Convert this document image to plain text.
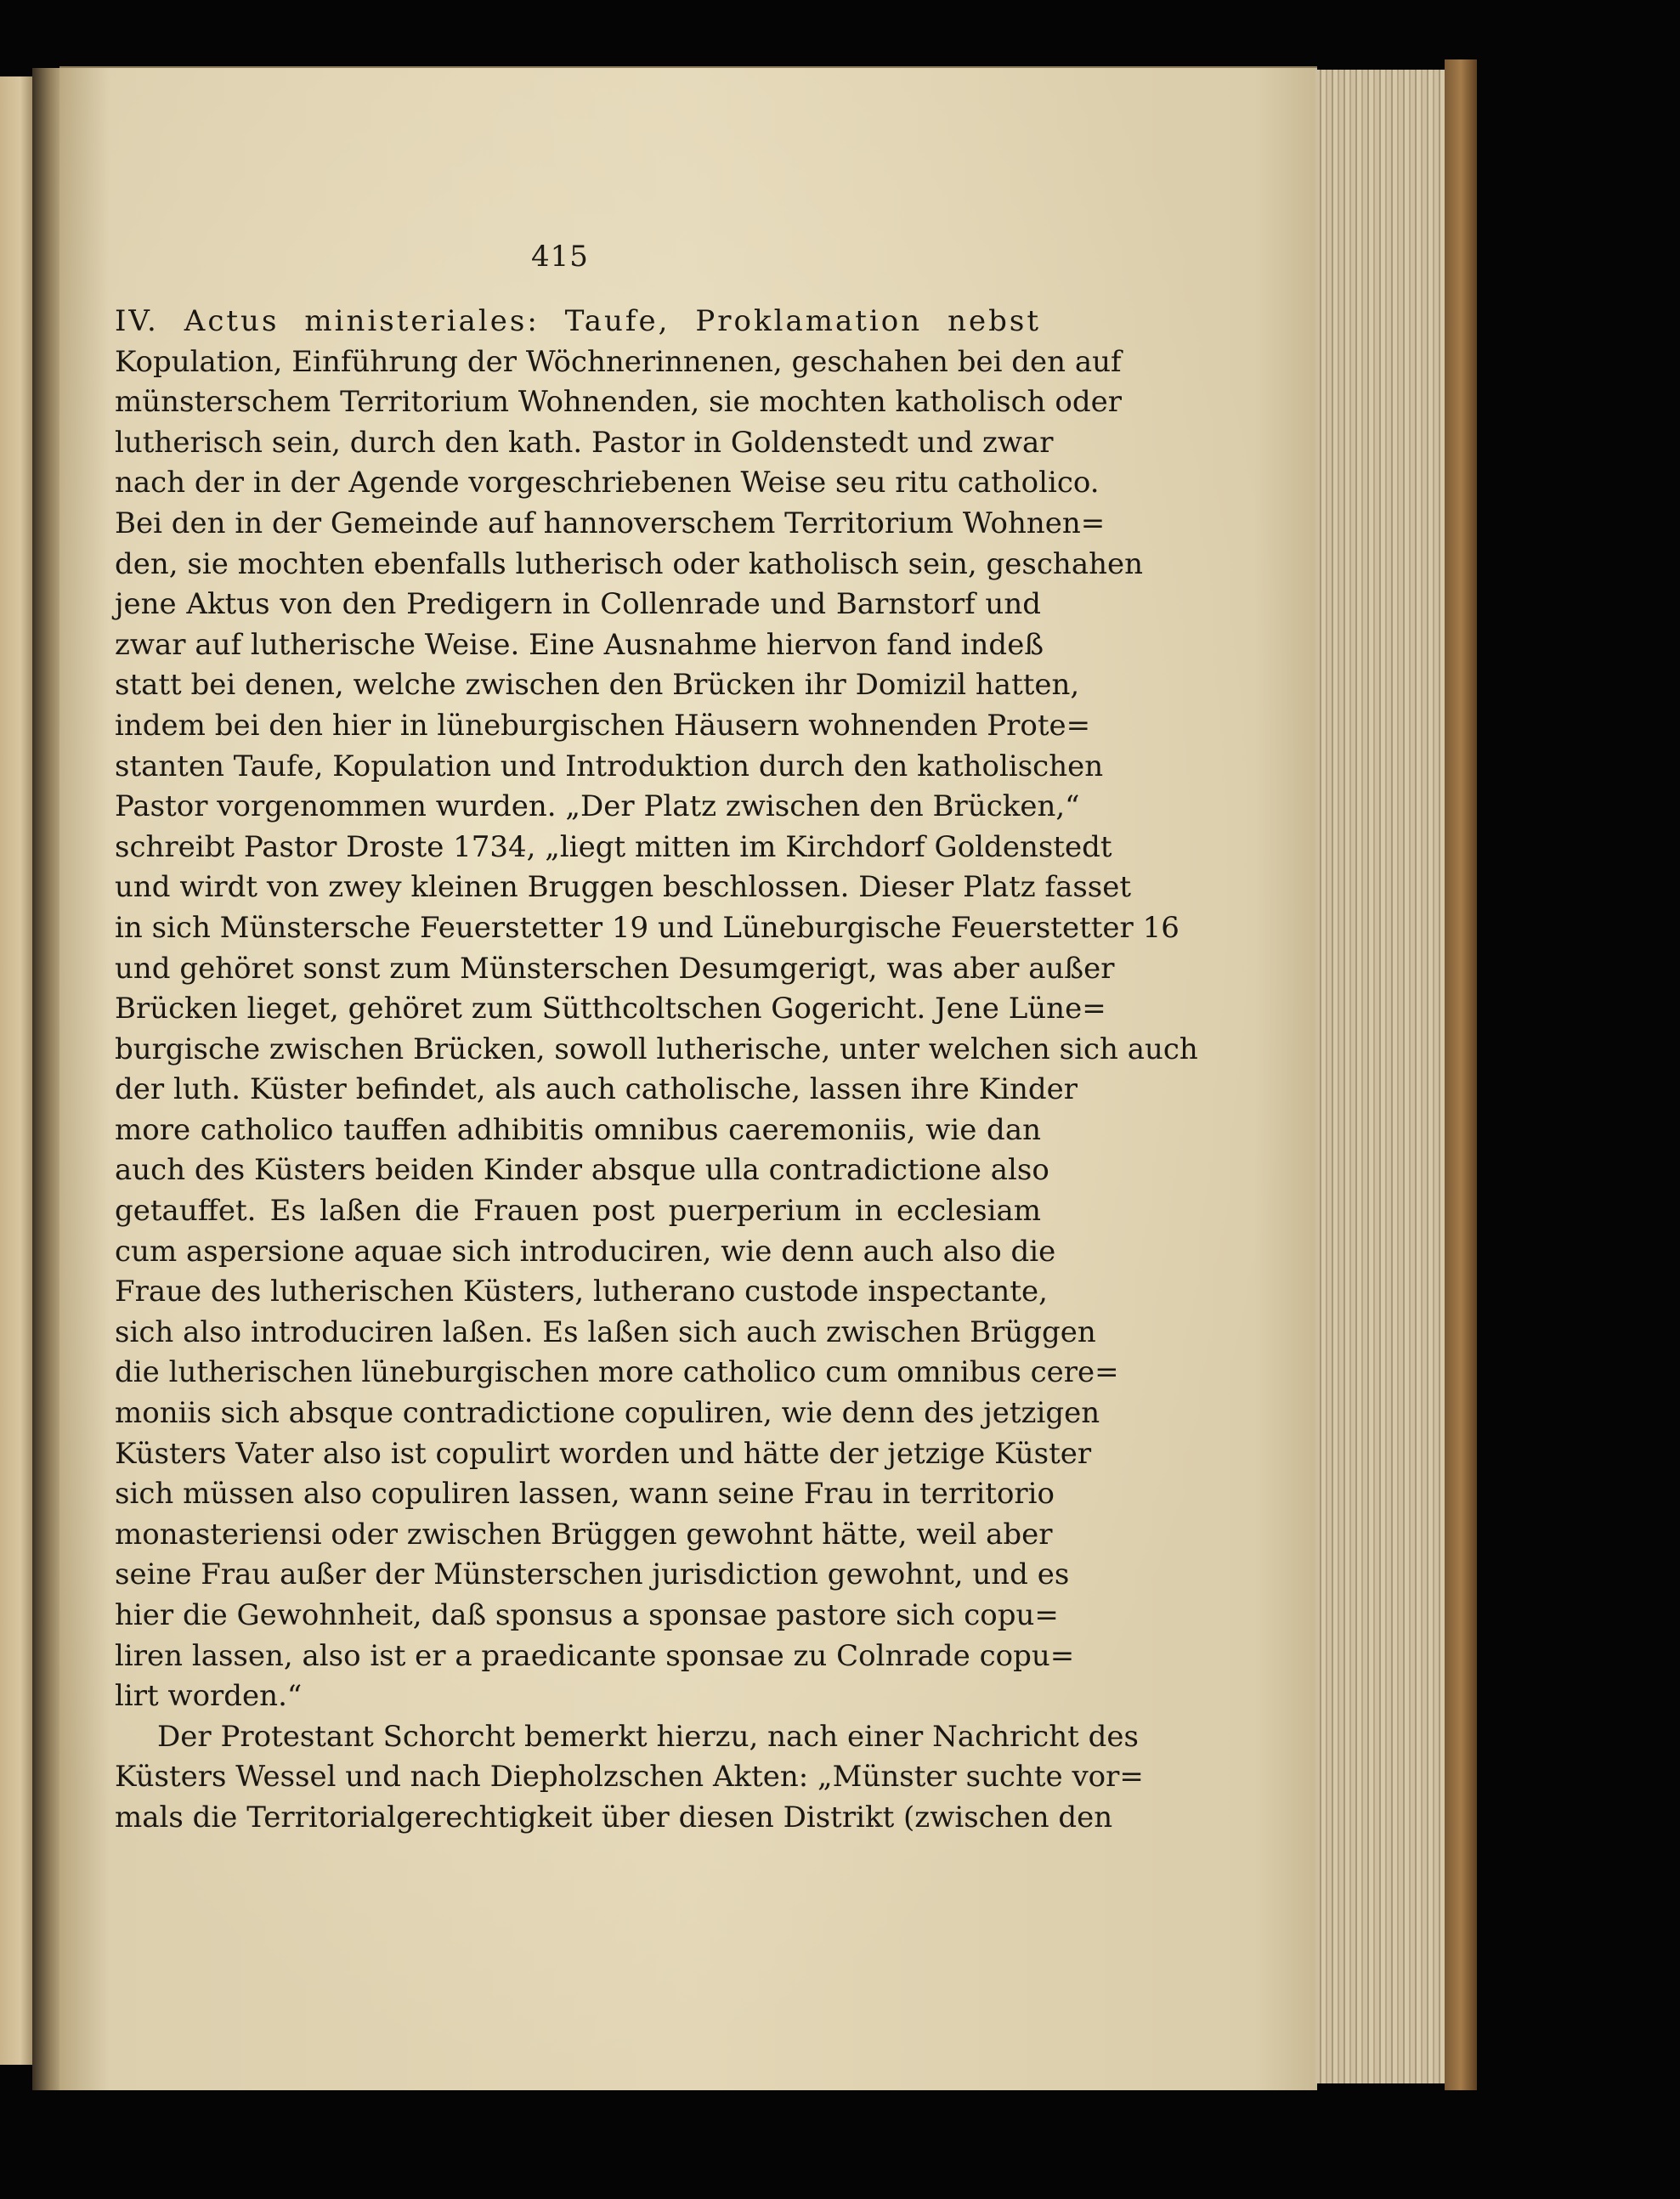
415
IV. Actus ministeriales: Taufe, Proklamation nebst
Kopulation, Einführung der Wöchnerinnenen, geschahen bei den auf
münsterschem Territorium Wohnenden, sie mochten katholisch oder
lutherisch sein, durch den kath. Pastor in Goldenstedt und zwar
nach der in der Agende vorgeschriebenen Weise seu ritu catholico.
Bei den in der Gemeinde auf hannoverschem Territorium Wohnen=
den, sie mochten ebenfalls lutherisch oder katholisch sein, geschahen
jene Aktus von den Predigern in Collenrade und Barnstorf und
zwar auf lutherische Weise. Eine Ausnahme hiervon fand indeß
statt bei denen, welche zwischen den Brücken ihr Domizil hatten,
indem bei den hier in lüneburgischen Häusern wohnenden Prote=
stanten Taufe, Kopulation und Introduktion durch den katholischen
Pastor vorgenommen wurden. „Der Platz zwischen den Brücken,“
schreibt Pastor Droste 1734, „liegt mitten im Kirchdorf Goldenstedt
und wirdt von zwey kleinen Bruggen beschlossen. Dieser Platz fasset
in sich Münstersche Feuerstetter 19 und Lüneburgische Feuerstetter 16
und gehöret sonst zum Münsterschen Desumgerigt, was aber außer
Brücken lieget, gehöret zum Sütthcoltschen Gogericht. Jene Lüne=
burgische zwischen Brücken, sowoll lutherische, unter welchen sich auch
der luth. Küster befindet, als auch catholische, lassen ihre Kinder
more catholico tauffen adhibitis omnibus caeremoniis, wie dan
auch des Küsters beiden Kinder absque ulla contradictione also
getauffet. Es laßen die Frauen post puerperium in ecclesiam
cum aspersione aquae sich introduciren, wie denn auch also die
Fraue des lutherischen Küsters, lutherano custode inspectante,
sich also introduciren laßen. Es laßen sich auch zwischen Brüggen
die lutherischen lüneburgischen more catholico cum omnibus cere=
moniis sich absque contradictione copuliren, wie denn des jetzigen
Küsters Vater also ist copulirt worden und hätte der jetzige Küster
sich müssen also copuliren lassen, wann seine Frau in territorio
monasteriensi oder zwischen Brüggen gewohnt hätte, weil aber
seine Frau außer der Münsterschen jurisdiction gewohnt, und es
hier die Gewohnheit, daß sponsus a sponsae pastore sich copu=
liren lassen, also ist er a praedicante sponsae zu Colnrade copu=
lirt worden.“
Der Protestant Schorcht bemerkt hierzu, nach einer Nachricht des
Küsters Wessel und nach Diepholzschen Akten: „Münster suchte vor=
mals die Territorialgerechtigkeit über diesen Distrikt (zwischen den
